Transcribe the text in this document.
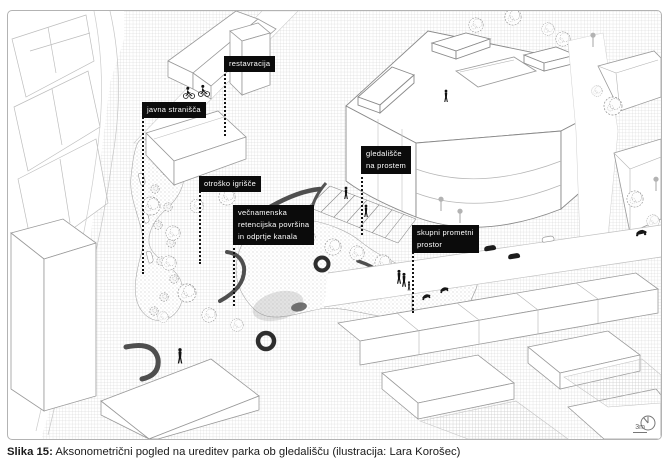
restavracija
javna stranišča
otroško igrišče
večnamenska
retencijska površina
in odprtje kanala
gledališče
na prostem
skupni prometni
prostor
3m
Slika 15: Aksonometrični pogled na ureditev parka ob gledališču (ilustracija: Lara Korošec)
